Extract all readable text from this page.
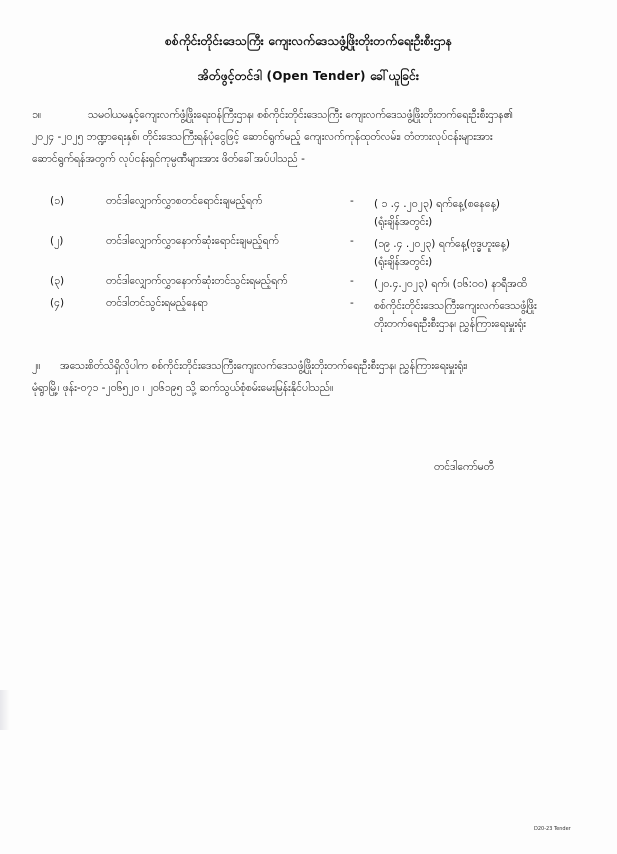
စစ်ကိုင်းတိုင်းဒေသကြီး ကျေးလက်ဒေသဖွံ့ဖြိုးတိုးတက်ရေးဦးစီးဌာန
အိတ်ဖွင့်တင်ဒါ (Open Tender) ခေါ်ယူခြင်း
၁။	သမဝါယမနှင့်ကျေးလက်ဖွံ့ဖြိုးရေးဝန်ကြီးဌာန၊ စစ်ကိုင်းတိုင်းဒေသကြီး ကျေးလက်ဒေသဖွံ့ဖြိုးတိုးတက်ရေးဦးစီးဌာန၏
၂၀၂၄ -၂၀၂၅ ဘဏ္ဍာရေးနှစ်၊ တိုင်းဒေသကြီးရန်ပုံငွေဖြင့် ဆောင်ရွက်မည့် ကျေးလက်ကုန်ထုတ်လမ်း၊ တံတားလုပ်ငန်းများအား
ဆောင်ရွက်ရန်အတွက် လုပ်ငန်းရှင်ကုမ္ပဏီများအား ဖိတ်ခေါ်အပ်ပါသည် -
(၁)	တင်ဒါလျှောက်လွှာစတင်ရောင်းချမည့်ရက်	- ( ၁ .၄ .၂၀၂၃) ရက်နေ့(စနေနေ့)
(ရုံးချိန်အတွင်း)
(၂)	တင်ဒါလျှောက်လွှာနောက်ဆုံးရောင်းချမည့်ရက်	- (၁၉ .၄ .၂၀၂၃) ရက်နေ့(ဗုဒ္ဓဟူးနေ့)
(ရုံးချိန်အတွင်း)
(၃)	တင်ဒါလျှောက်လွှာနောက်ဆုံးတင်သွင်းရမည့်ရက်	- (၂၀.၄.၂၀၂၃) ရက်၊ (၁၆:၀၀) နာရီအထိ
(၄)	တင်ဒါတင်သွင်းရမည့်နေရာ	- စစ်ကိုင်းတိုင်းဒေသကြီးကျေးလက်ဒေသဖွံ့ဖြိုး
တိုးတက်ရေးဦးစီးဌာန၊ ညွှန်ကြားရေးမှူးရုံး
၂။	အသေးစိတ်သိရှိလိုပါက စစ်ကိုင်းတိုင်းဒေသကြီးကျေးလက်ဒေသဖွံ့ဖြိုးတိုးတက်ရေးဦးစီးဌာန၊ ညွှန်ကြားရေးမှူးရုံး၊
မုံရွာမြို့၊ ဖုန်း-၀၇၁ -၂၀၆၅၂၀ ၊ ၂၀၆၁၉၅ သို့ ဆက်သွယ်စုံစမ်းမေးမြန်းနိုင်ပါသည်။
တင်ဒါကော်မတီ
D20-23 Tender
